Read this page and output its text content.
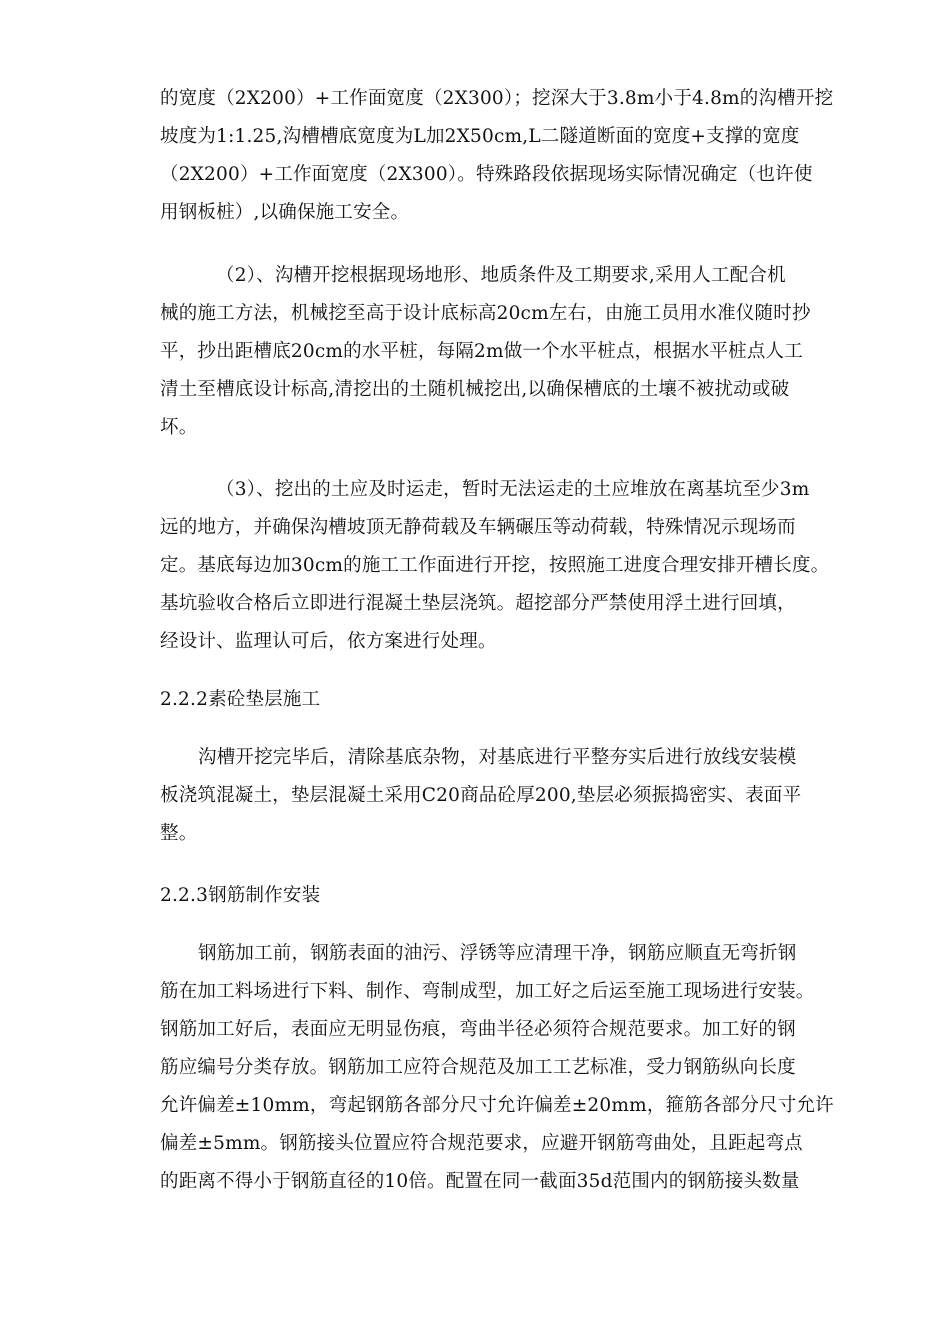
的宽度（2X200）+工作面宽度（2X300）；挖深大于3.8m小于4.8m的沟槽开挖
坡度为1:1.25,沟槽槽底宽度为L加2X50cm,L二隧道断面的宽度+支撑的宽度
（2X200）+工作面宽度（2X300）。特殊路段依据现场实际情况确定（也许使
用钢板桩）,以确保施工安全。
（2）、沟槽开挖根据现场地形、地质条件及工期要求,采用人工配合机
械的施工方法，机械挖至高于设计底标高20cm左右，由施工员用水准仪随时抄
平，抄出距槽底20cm的水平桩，每隔2m做一个水平桩点，根据水平桩点人工
清土至槽底设计标高,清挖出的土随机械挖出,以确保槽底的土壤不被扰动或破
坏。
（3）、挖出的土应及时运走，暂时无法运走的土应堆放在离基坑至少3m
远的地方，并确保沟槽坡顶无静荷载及车辆碾压等动荷载，特殊情况示现场而
定。基底每边加30cm的施工工作面进行开挖，按照施工进度合理安排开槽长度。
基坑验收合格后立即进行混凝土垫层浇筑。超挖部分严禁使用浮土进行回填，
经设计、监理认可后，依方案进行处理。
2.2.2素砼垫层施工
沟槽开挖完毕后，清除基底杂物，对基底进行平整夯实后进行放线安装模
板浇筑混凝土，垫层混凝土采用C20商品砼厚200,垫层必须振捣密实、表面平
整。
2.2.3钢筋制作安装
钢筋加工前，钢筋表面的油污、浮锈等应清理干净，钢筋应顺直无弯折钢
筋在加工料场进行下料、制作、弯制成型，加工好之后运至施工现场进行安装。
钢筋加工好后，表面应无明显伤痕，弯曲半径必须符合规范要求。加工好的钢
筋应编号分类存放。钢筋加工应符合规范及加工工艺标准，受力钢筋纵向长度
允许偏差±10mm，弯起钢筋各部分尺寸允许偏差±20mm，箍筋各部分尺寸允许
偏差±5mm。钢筋接头位置应符合规范要求，应避开钢筋弯曲处，且距起弯点
的距离不得小于钢筋直径的10倍。配置在同一截面35d范围内的钢筋接头数量
